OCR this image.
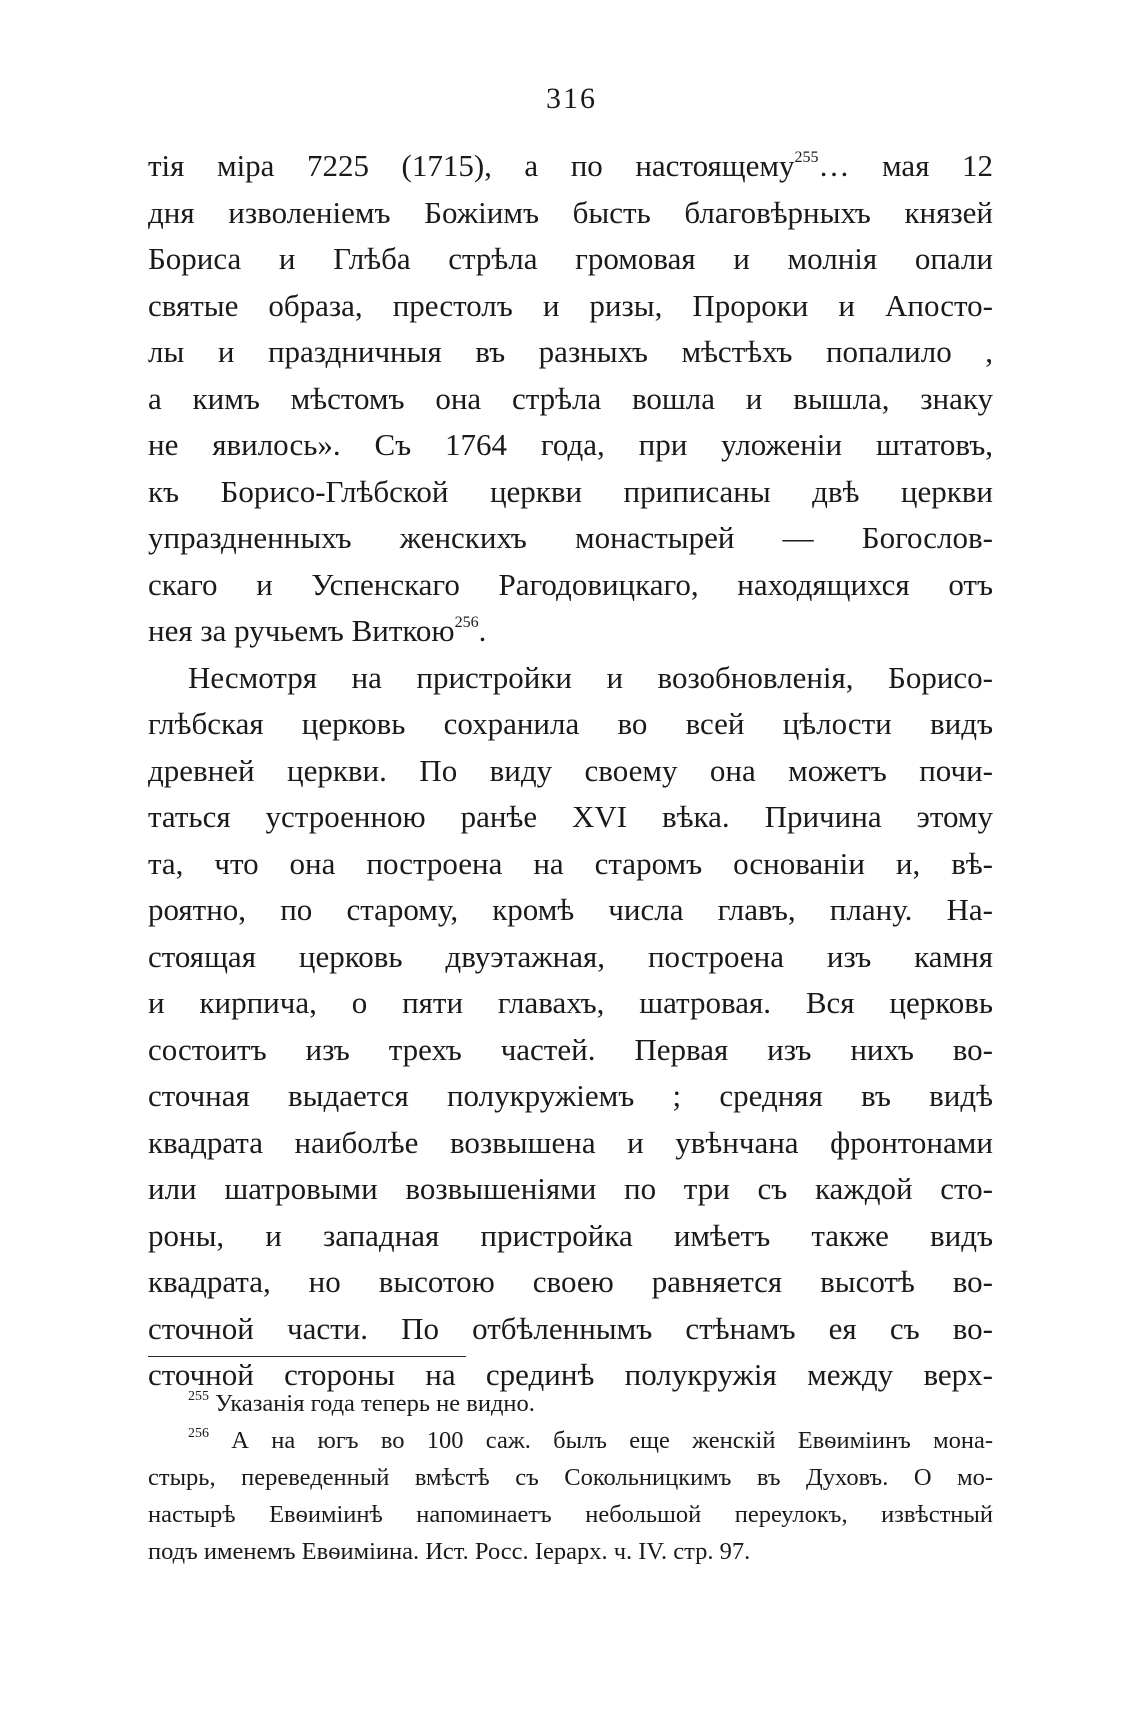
316
тія міра 7225 (1715), а по настоящему$^{255}$… мая 12
дня изволеніемъ Божіимъ бысть благовѣрныхъ князей
Бориса и Глѣба стрѣла громовая и молнія опали
святые образа, престолъ и ризы, Пророки и Апосто-
лы и праздничныя въ разныхъ мѣстѣхъ попалило ,
а кимъ мѣстомъ она стрѣла вошла и вышла, знаку
не явилось». Съ 1764 года, при уложеніи штатовъ,
къ Борисо-Глѣбской церкви приписаны двѣ церкви
упраздненныхъ женскихъ монастырей — Богослов-
скаго и Успенскаго Рагодовицкаго, находящихся отъ
нея за ручьемъ Виткою$^{256}$.
Несмотря на пристройки и возобновленія, Борисо-
глѣбская церковь сохранила во всей цѣлости видъ
древней церкви. По виду своему она можетъ почи-
таться устроенною ранѣе XVI вѣка. Причина этому
та, что она построена на старомъ основаніи и, вѣ-
роятно, по старому, кромѣ числа главъ, плану. На-
стоящая церковь двуэтажная, построена изъ камня
и кирпича, о пяти главахъ, шатровая. Вся церковь
состоитъ изъ трехъ частей. Первая изъ нихъ во-
сточная выдается полукружіемъ ; средняя въ видѣ
квадрата наиболѣе возвышена и увѣнчана фронтонами
или шатровыми возвышеніями по три съ каждой сто-
роны, и западная пристройка имѣетъ также видъ
квадрата, но высотою своею равняется высотѣ во-
сточной части. По отбѣленнымъ стѣнамъ ея съ во-
сточной стороны на срединѣ полукружія между верх-
$^{255}$ Указанія года теперь не видно.
$^{256}$ А на югъ во 100 саж. былъ еще женскій Евѳиміинъ мона-
стырь, переведенный вмѣстѣ съ Сокольницкимъ въ Духовъ. О мо-
настырѣ Евѳиміинѣ напоминаетъ небольшой переулокъ, извѣстный
подъ именемъ Евѳиміина. Ист. Росс. Іерарх. ч. IV. стр. 97.
